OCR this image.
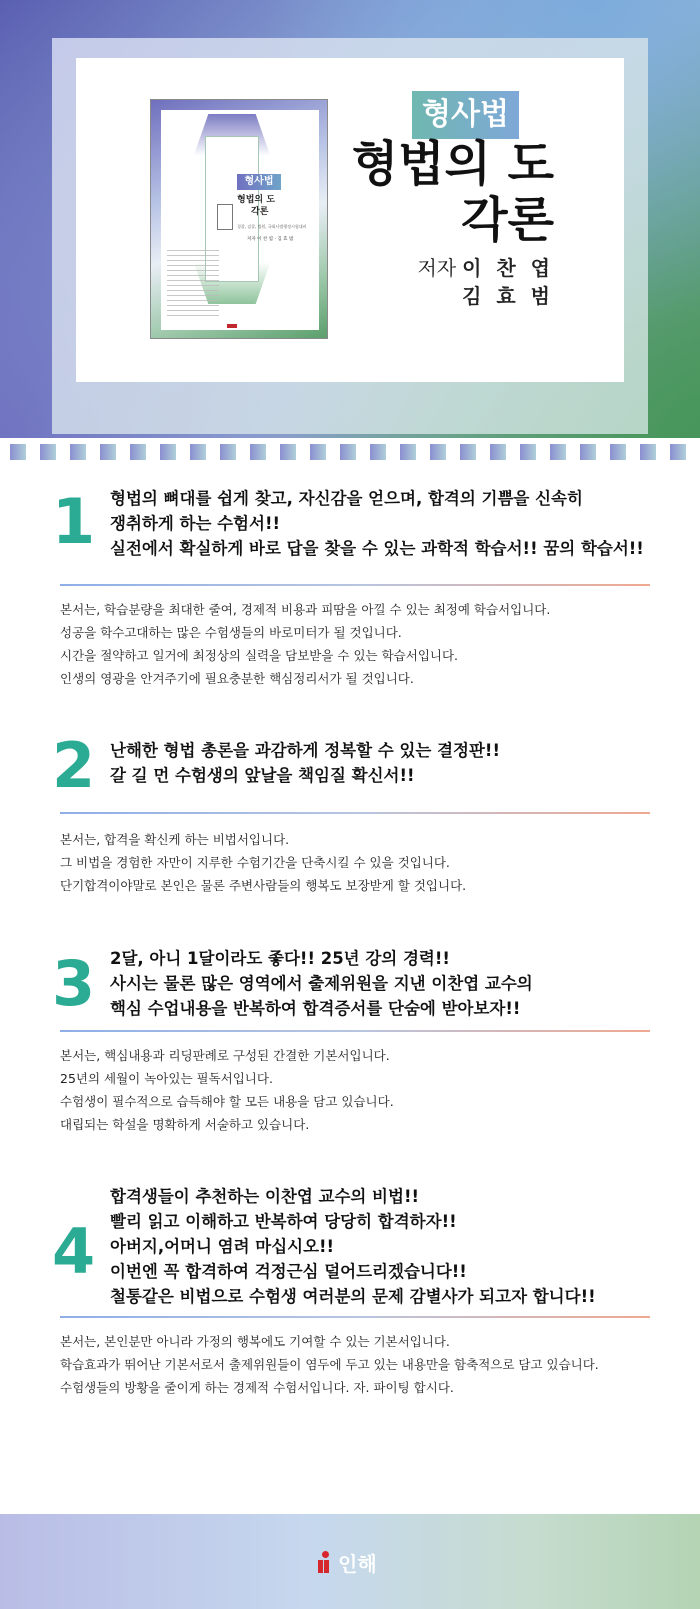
형사법
형법의 도
각론
경찰, 검찰, 법원, 국회사법행정시험대비
저자 이 찬 엽 · 김 효 범
형사법
형법의 도
각론
저자 이 찬 엽
김 효 범
1 형법의 뼈대를 쉽게 찾고, 자신감을 얻으며, 합격의 기쁨을 신속히
쟁취하게 하는 수험서!!
실전에서 확실하게 바로 답을 찾을 수 있는 과학적 학습서!! 꿈의 학습서!!
본서는, 학습분량을 최대한 줄여, 경제적 비용과 피땀을 아낄 수 있는 최정예 학습서입니다.
성공을 학수고대하는 많은 수험생들의 바로미터가 될 것입니다.
시간을 절약하고 일거에 최정상의 실력을 담보받을 수 있는 학습서입니다.
인생의 영광을 안겨주기에 필요충분한 핵심정리서가 될 것입니다.
2 난해한 형법 총론을 과감하게 정복할 수 있는 결정판!!
갈 길 먼 수험생의 앞날을 책임질 확신서!!
본서는, 합격을 확신케 하는 비법서입니다.
그 비법을 경험한 자만이 지루한 수험기간을 단축시킬 수 있을 것입니다.
단기합격이야말로 본인은 물론 주변사람들의 행복도 보장받게 할 것입니다.
3 2달, 아니 1달이라도 좋다!! 25년 강의 경력!!
사시는 물론 많은 영역에서 출제위원을 지낸 이찬엽 교수의
핵심 수업내용을 반복하여 합격증서를 단숨에 받아보자!!
본서는, 핵심내용과 리딩판례로 구성된 간결한 기본서입니다.
25년의 세월이 녹아있는 필독서입니다.
수험생이 필수적으로 습득해야 할 모든 내용을 담고 있습니다.
대립되는 학설을 명확하게 서술하고 있습니다.
4
합격생들이 추천하는 이찬엽 교수의 비법!!
빨리 읽고 이해하고 반복하여 당당히 합격하자!!
아버지,어머니 염려 마십시오!!
이번엔 꼭 합격하여 걱정근심 덜어드리겠습니다!!
철통같은 비법으로 수험생 여러분의 문제 감별사가 되고자 합니다!!
본서는, 본인분만 아니라 가정의 행복에도 기여할 수 있는 기본서입니다.
학습효과가 뛰어난 기본서로서 출제위원들이 염두에 두고 있는 내용만을 함축적으로 담고 있습니다.
수험생들의 방황을 줄이게 하는 경제적 수험서입니다. 자. 파이팅 합시다.
인해
